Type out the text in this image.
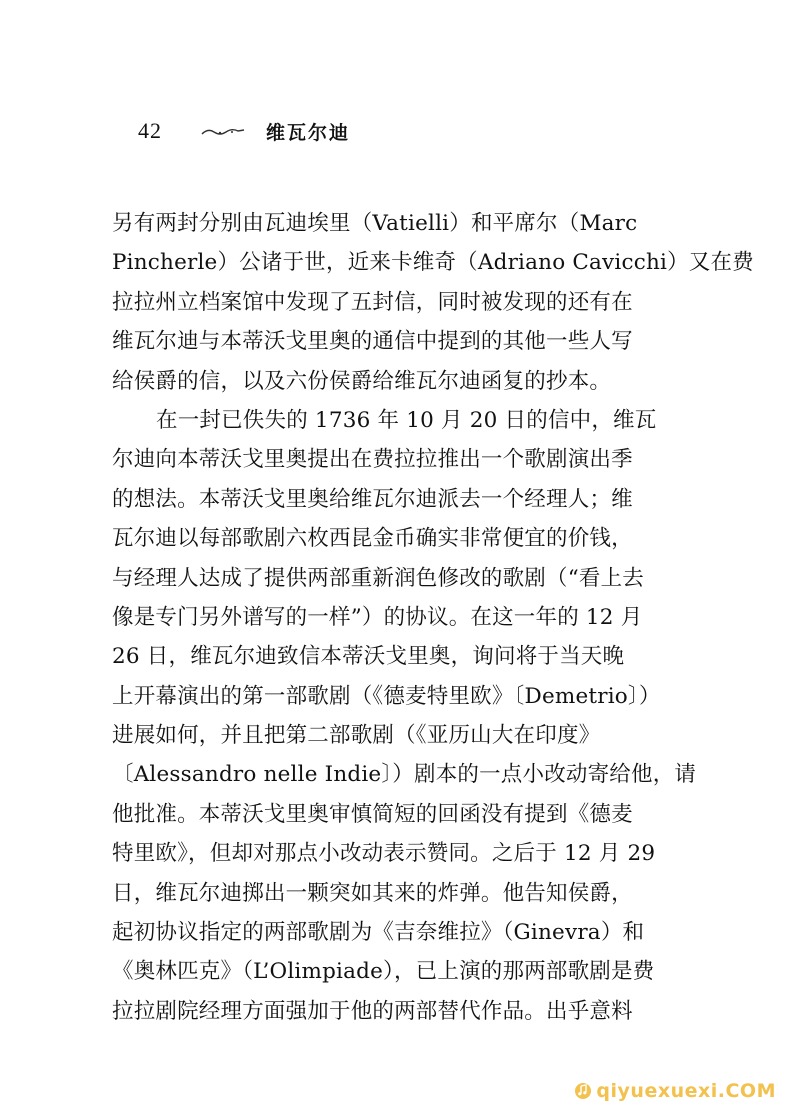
42	维瓦尔迪
另有两封分别由瓦迪埃里（Vatielli）和平席尔（Marc
Pincherle）公诸于世，近来卡维奇（Adriano Cavicchi）又在费
拉拉州立档案馆中发现了五封信，同时被发现的还有在
维瓦尔迪与本蒂沃戈里奥的通信中提到的其他一些人写
给侯爵的信，以及六份侯爵给维瓦尔迪函复的抄本。
在一封已佚失的 1736 年 10 月 20 日的信中，维瓦
尔迪向本蒂沃戈里奥提出在费拉拉推出一个歌剧演出季
的想法。本蒂沃戈里奥给维瓦尔迪派去一个经理人；维
瓦尔迪以每部歌剧六枚西昆金币确实非常便宜的价钱，
与经理人达成了提供两部重新润色修改的歌剧（“看上去
像是专门另外谱写的一样”）的协议。在这一年的 12 月
26 日，维瓦尔迪致信本蒂沃戈里奥，询问将于当天晚
上开幕演出的第一部歌剧（《德麦特里欧》〔Demetrio〕）
进展如何，并且把第二部歌剧（《亚历山大在印度》
〔Alessandro nelle Indie〕）剧本的一点小改动寄给他，请
他批准。本蒂沃戈里奥审慎简短的回函没有提到《德麦
特里欧》，但却对那点小改动表示赞同。之后于 12 月 29
日，维瓦尔迪掷出一颗突如其来的炸弹。他告知侯爵，
起初协议指定的两部歌剧为《吉奈维拉》（Ginevra）和
《奥林匹克》（L’Olimpiade），已上演的那两部歌剧是费
拉拉剧院经理方面强加于他的两部替代作品。出乎意料
qiyuexuexi.COM
